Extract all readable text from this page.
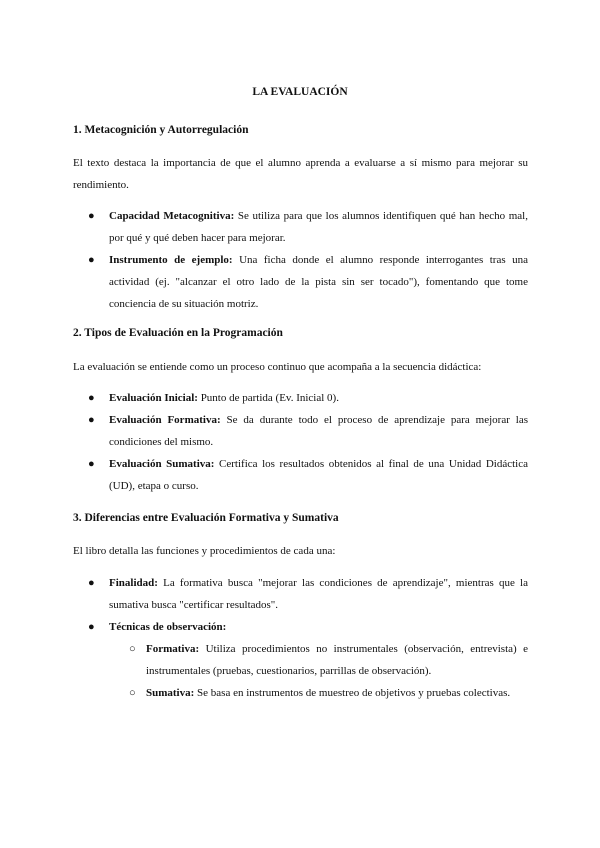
LA EVALUACIÓN
1. Metacognición y Autorregulación
El texto destaca la importancia de que el alumno aprenda a evaluarse a sí mismo para mejorar su rendimiento.
● Capacidad Metacognitiva: Se utiliza para que los alumnos identifiquen qué han hecho mal, por qué y qué deben hacer para mejorar.
● Instrumento de ejemplo: Una ficha donde el alumno responde interrogantes tras una actividad (ej. "alcanzar el otro lado de la pista sin ser tocado"), fomentando que tome conciencia de su situación motriz.
2. Tipos de Evaluación en la Programación
La evaluación se entiende como un proceso continuo que acompaña a la secuencia didáctica:
● Evaluación Inicial: Punto de partida (Ev. Inicial 0).
● Evaluación Formativa: Se da durante todo el proceso de aprendizaje para mejorar las condiciones del mismo.
● Evaluación Sumativa: Certifica los resultados obtenidos al final de una Unidad Didáctica (UD), etapa o curso.
3. Diferencias entre Evaluación Formativa y Sumativa
El libro detalla las funciones y procedimientos de cada una:
● Finalidad: La formativa busca "mejorar las condiciones de aprendizaje", mientras que la sumativa busca "certificar resultados".
● Técnicas de observación:
○ Formativa: Utiliza procedimientos no instrumentales (observación, entrevista) e instrumentales (pruebas, cuestionarios, parrillas de observación).
○ Sumativa: Se basa en instrumentos de muestreo de objetivos y pruebas colectivas.
